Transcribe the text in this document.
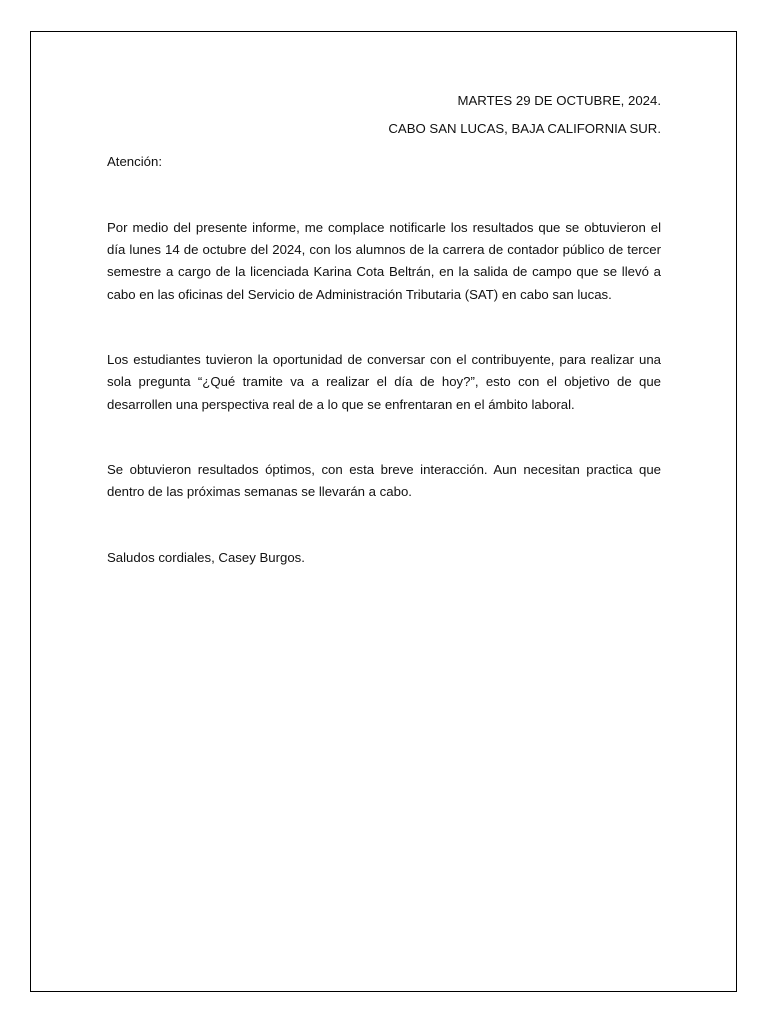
MARTES 29 DE OCTUBRE, 2024.

CABO SAN LUCAS, BAJA CALIFORNIA SUR.

Atención:

Por medio del presente informe, me complace notificarle los resultados que se obtuvieron el día lunes 14 de octubre del 2024, con los alumnos de la carrera de contador público de tercer semestre a cargo de la licenciada Karina Cota Beltrán, en la salida de campo que se llevó a cabo en las oficinas del Servicio de Administración Tributaria (SAT) en cabo san lucas.

Los estudiantes tuvieron la oportunidad de conversar con el contribuyente, para realizar una sola pregunta “¿Qué tramite va a realizar el día de hoy?”, esto con el objetivo de que desarrollen una perspectiva real de a lo que se enfrentaran en el ámbito laboral.

Se obtuvieron resultados óptimos, con esta breve interacción. Aun necesitan practica que dentro de las próximas semanas se llevarán a cabo.

Saludos cordiales, Casey Burgos.
